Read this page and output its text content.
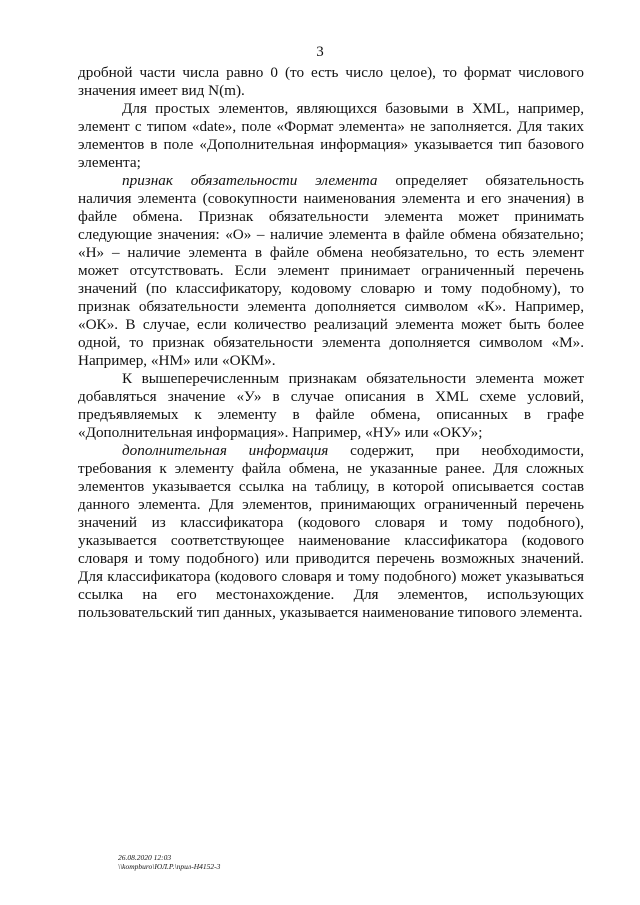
3

дробной части числа равно 0 (то есть число целое), то формат числового значения имеет вид N(m).

Для простых элементов, являющихся базовыми в XML, например, элемент с типом «date», поле «Формат элемента» не заполняется. Для таких элементов в поле «Дополнительная информация» указывается тип базового элемента;

признак обязательности элемента определяет обязательность наличия элемента (совокупности наименования элемента и его значения) в файле обмена. Признак обязательности элемента может принимать следующие значения: «О» – наличие элемента в файле обмена обязательно; «Н» – наличие элемента в файле обмена необязательно, то есть элемент может отсутствовать. Если элемент принимает ограниченный перечень значений (по классификатору, кодовому словарю и тому подобному), то признак обязательности элемента дополняется символом «К». Например, «ОК». В случае, если количество реализаций элемента может быть более одной, то признак обязательности элемента дополняется символом «М». Например, «НМ» или «ОКМ».

К вышеперечисленным признакам обязательности элемента может добавляться значение «У» в случае описания в XML схеме условий, предъявляемых к элементу в файле обмена, описанных в графе «Дополнительная информация». Например, «НУ» или «ОКУ»;

дополнительная информация содержит, при необходимости, требования к элементу файла обмена, не указанные ранее. Для сложных элементов указывается ссылка на таблицу, в которой описывается состав данного элемента. Для элементов, принимающих ограниченный перечень значений из классификатора (кодового словаря и тому подобного), указывается соответствующее наименование классификатора (кодового словаря и тому подобного) или приводится перечень возможных значений. Для классификатора (кодового словаря и тому подобного) может указываться ссылка на его местонахождение. Для элементов, использующих пользовательский тип данных, указывается наименование типового элемента.

26.08.2020 12:03
\\kompburo\ЮЛ.Р.\прил-Н4152-3
